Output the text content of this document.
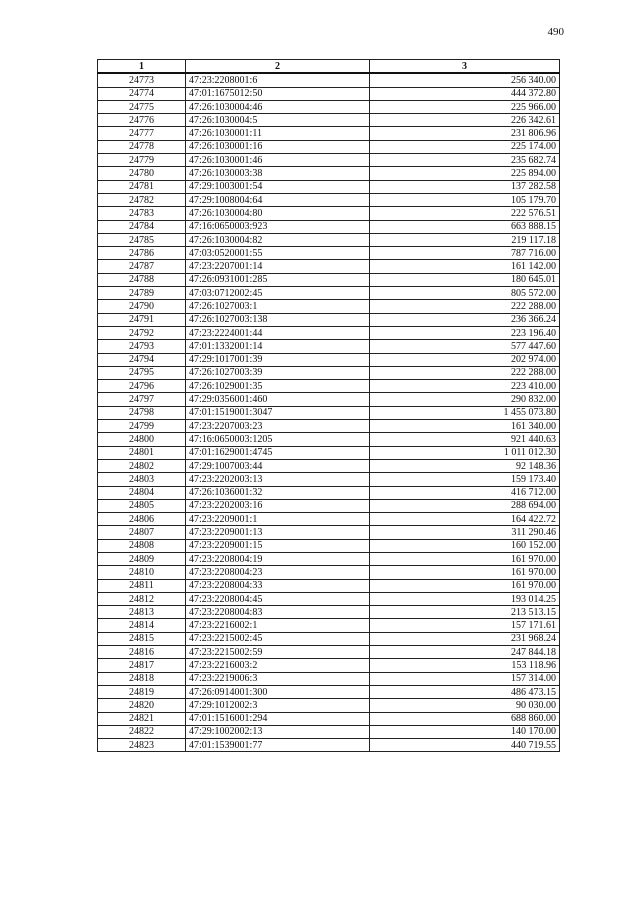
490
1	2	3
24773	47:23:2208001:6	256 340.00
24774	47:01:1675012:50	444 372.80
24775	47:26:1030004:46	225 966.00
24776	47:26:1030004:5	226 342.61
24777	47:26:1030001:11	231 806.96
24778	47:26:1030001:16	225 174.00
24779	47:26:1030001:46	235 682.74
24780	47:26:1030003:38	225 894.00
24781	47:29:1003001:54	137 282.58
24782	47:29:1008004:64	105 179.70
24783	47:26:1030004:80	222 576.51
24784	47:16:0650003:923	663 888.15
24785	47:26:1030004:82	219 117.18
24786	47:03:0520001:55	787 716.00
24787	47:23:2207001:14	161 142.00
24788	47:26:0931001:285	180 645.01
24789	47:03:0712002:45	805 572.00
24790	47:26:1027003:1	222 288.00
24791	47:26:1027003:138	236 366.24
24792	47:23:2224001:44	223 196.40
24793	47:01:1332001:14	577 447.60
24794	47:29:1017001:39	202 974.00
24795	47:26:1027003:39	222 288.00
24796	47:26:1029001:35	223 410.00
24797	47:29:0356001:460	290 832.00
24798	47:01:1519001:3047	1 455 073.80
24799	47:23:2207003:23	161 340.00
24800	47:16:0650003:1205	921 440.63
24801	47:01:1629001:4745	1 011 012.30
24802	47:29:1007003:44	92 148.36
24803	47:23:2202003:13	159 173.40
24804	47:26:1036001:32	416 712.00
24805	47:23:2202003:16	288 694.00
24806	47:23:2209001:1	164 422.72
24807	47:23:2209001:13	311 290.46
24808	47:23:2209001:15	160 152.00
24809	47:23:2208004:19	161 970.00
24810	47:23:2208004:23	161 970.00
24811	47:23:2208004:33	161 970.00
24812	47:23:2208004:45	193 014.25
24813	47:23:2208004:83	213 513.15
24814	47:23:2216002:1	157 171.61
24815	47:23:2215002:45	231 968.24
24816	47:23:2215002:59	247 844.18
24817	47:23:2216003:2	153 118.96
24818	47:23:2219006:3	157 314.00
24819	47:26:0914001:300	486 473.15
24820	47:29:1012002:3	90 030.00
24821	47:01:1516001:294	688 860.00
24822	47:29:1002002:13	140 170.00
24823	47:01:1539001:77	440 719.55
